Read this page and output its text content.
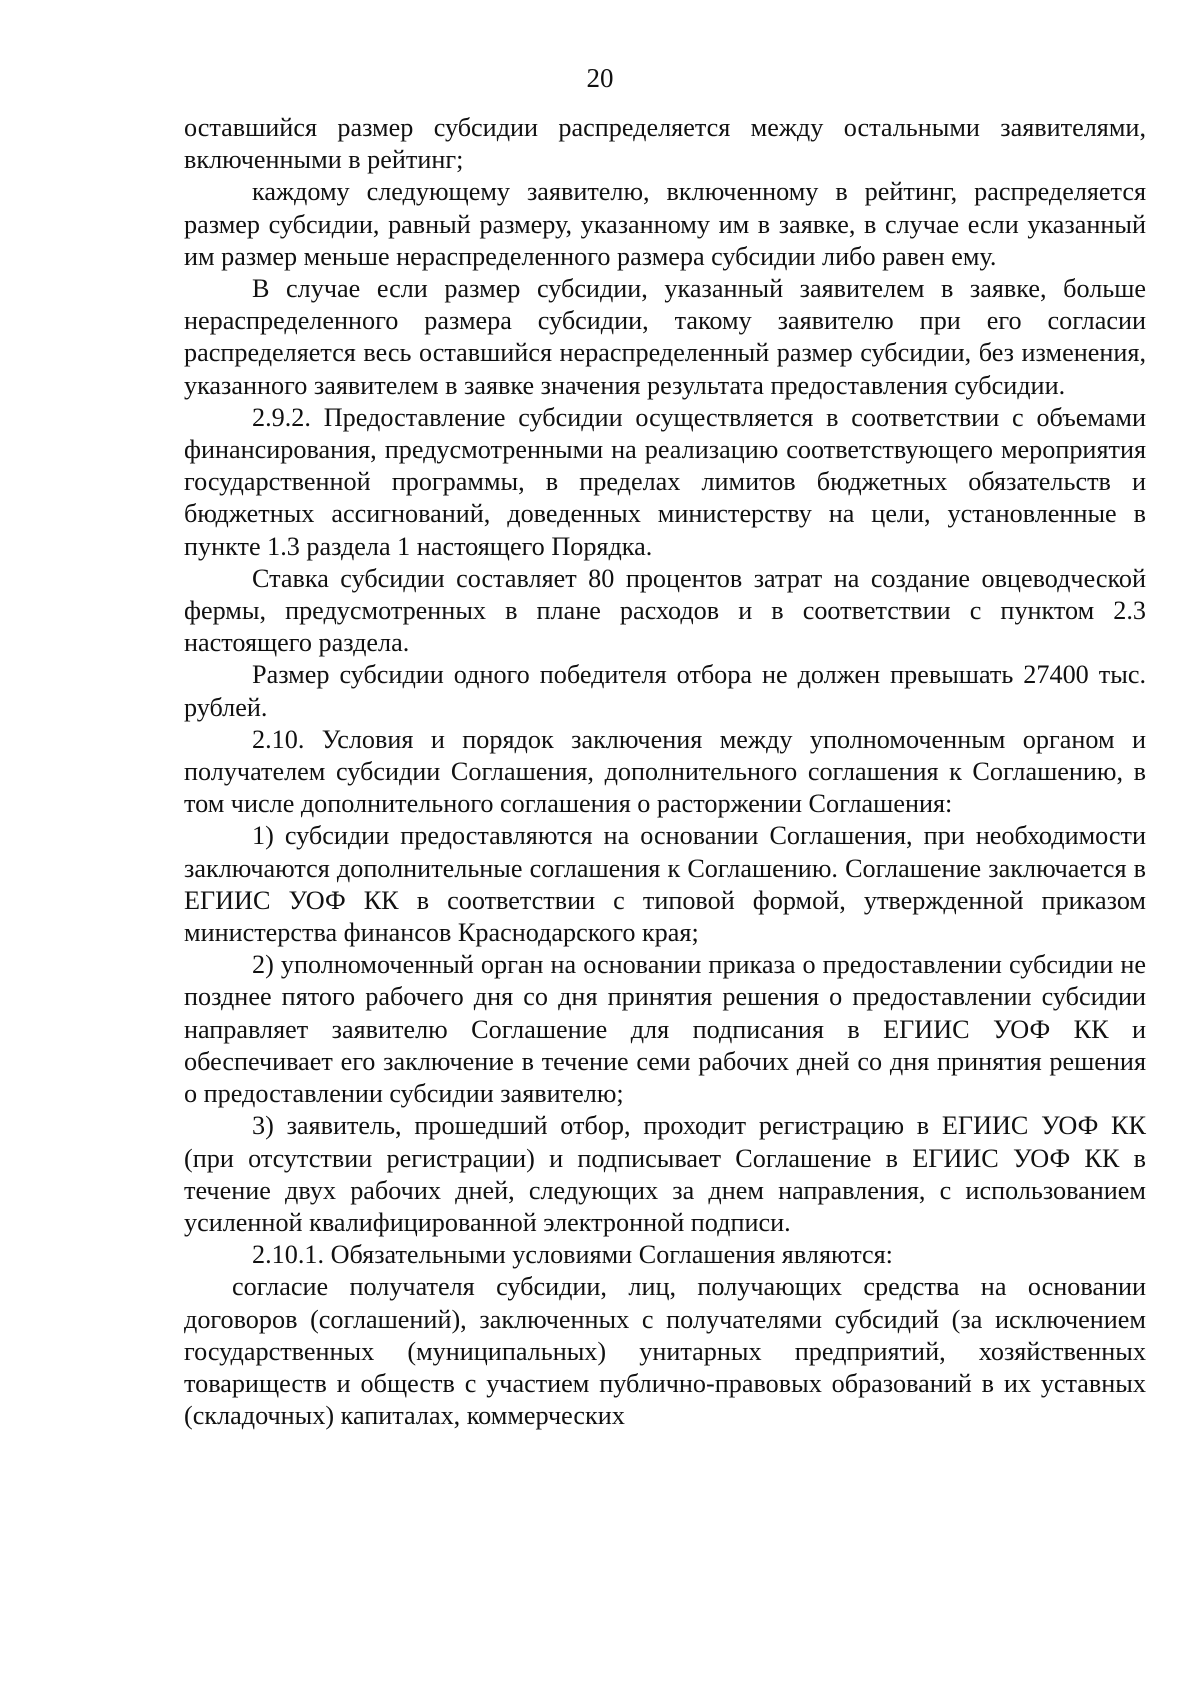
20

оставшийся размер субсидии распределяется между остальными заявителями, включенными в рейтинг;

каждому следующему заявителю, включенному в рейтинг, распределяется размер субсидии, равный размеру, указанному им в заявке, в случае если указанный им размер меньше нераспределенного размера субсидии либо равен ему.

В случае если размер субсидии, указанный заявителем в заявке, больше нераспределенного размера субсидии, такому заявителю при его согласии распределяется весь оставшийся нераспределенный размер субсидии, без изменения, указанного заявителем в заявке значения результата предоставления субсидии.

2.9.2. Предоставление субсидии осуществляется в соответствии с объемами финансирования, предусмотренными на реализацию соответствующего мероприятия государственной программы, в пределах лимитов бюджетных обязательств и бюджетных ассигнований, доведенных министерству на цели, установленные в пункте 1.3 раздела 1 настоящего Порядка.

Ставка субсидии составляет 80 процентов затрат на создание овцеводческой фермы, предусмотренных в плане расходов и в соответствии с пунктом 2.3 настоящего раздела.

Размер субсидии одного победителя отбора не должен превышать 27400 тыс. рублей.

2.10. Условия и порядок заключения между уполномоченным органом и получателем субсидии Соглашения, дополнительного соглашения к Соглашению, в том числе дополнительного соглашения о расторжении Соглашения:

1) субсидии предоставляются на основании Соглашения, при необходимости заключаются дополнительные соглашения к Соглашению. Соглашение заключается в ЕГИИС УОФ КК в соответствии с типовой формой, утвержденной приказом министерства финансов Краснодарского края;

2) уполномоченный орган на основании приказа о предоставлении субсидии не позднее пятого рабочего дня со дня принятия решения о предоставлении субсидии направляет заявителю Соглашение для подписания в ЕГИИС УОФ КК и обеспечивает его заключение в течение семи рабочих дней со дня принятия решения о предоставлении субсидии заявителю;

3) заявитель, прошедший отбор, проходит регистрацию в ЕГИИС УОФ КК (при отсутствии регистрации) и подписывает Соглашение в ЕГИИС УОФ КК в течение двух рабочих дней, следующих за днем направления, с использованием усиленной квалифицированной электронной подписи.

2.10.1. Обязательными условиями Соглашения являются:

согласие получателя субсидии, лиц, получающих средства на основании договоров (соглашений), заключенных с получателями субсидий (за исключением государственных (муниципальных) унитарных предприятий, хозяйственных товариществ и обществ с участием публично-правовых образований в их уставных (складочных) капиталах, коммерческих
